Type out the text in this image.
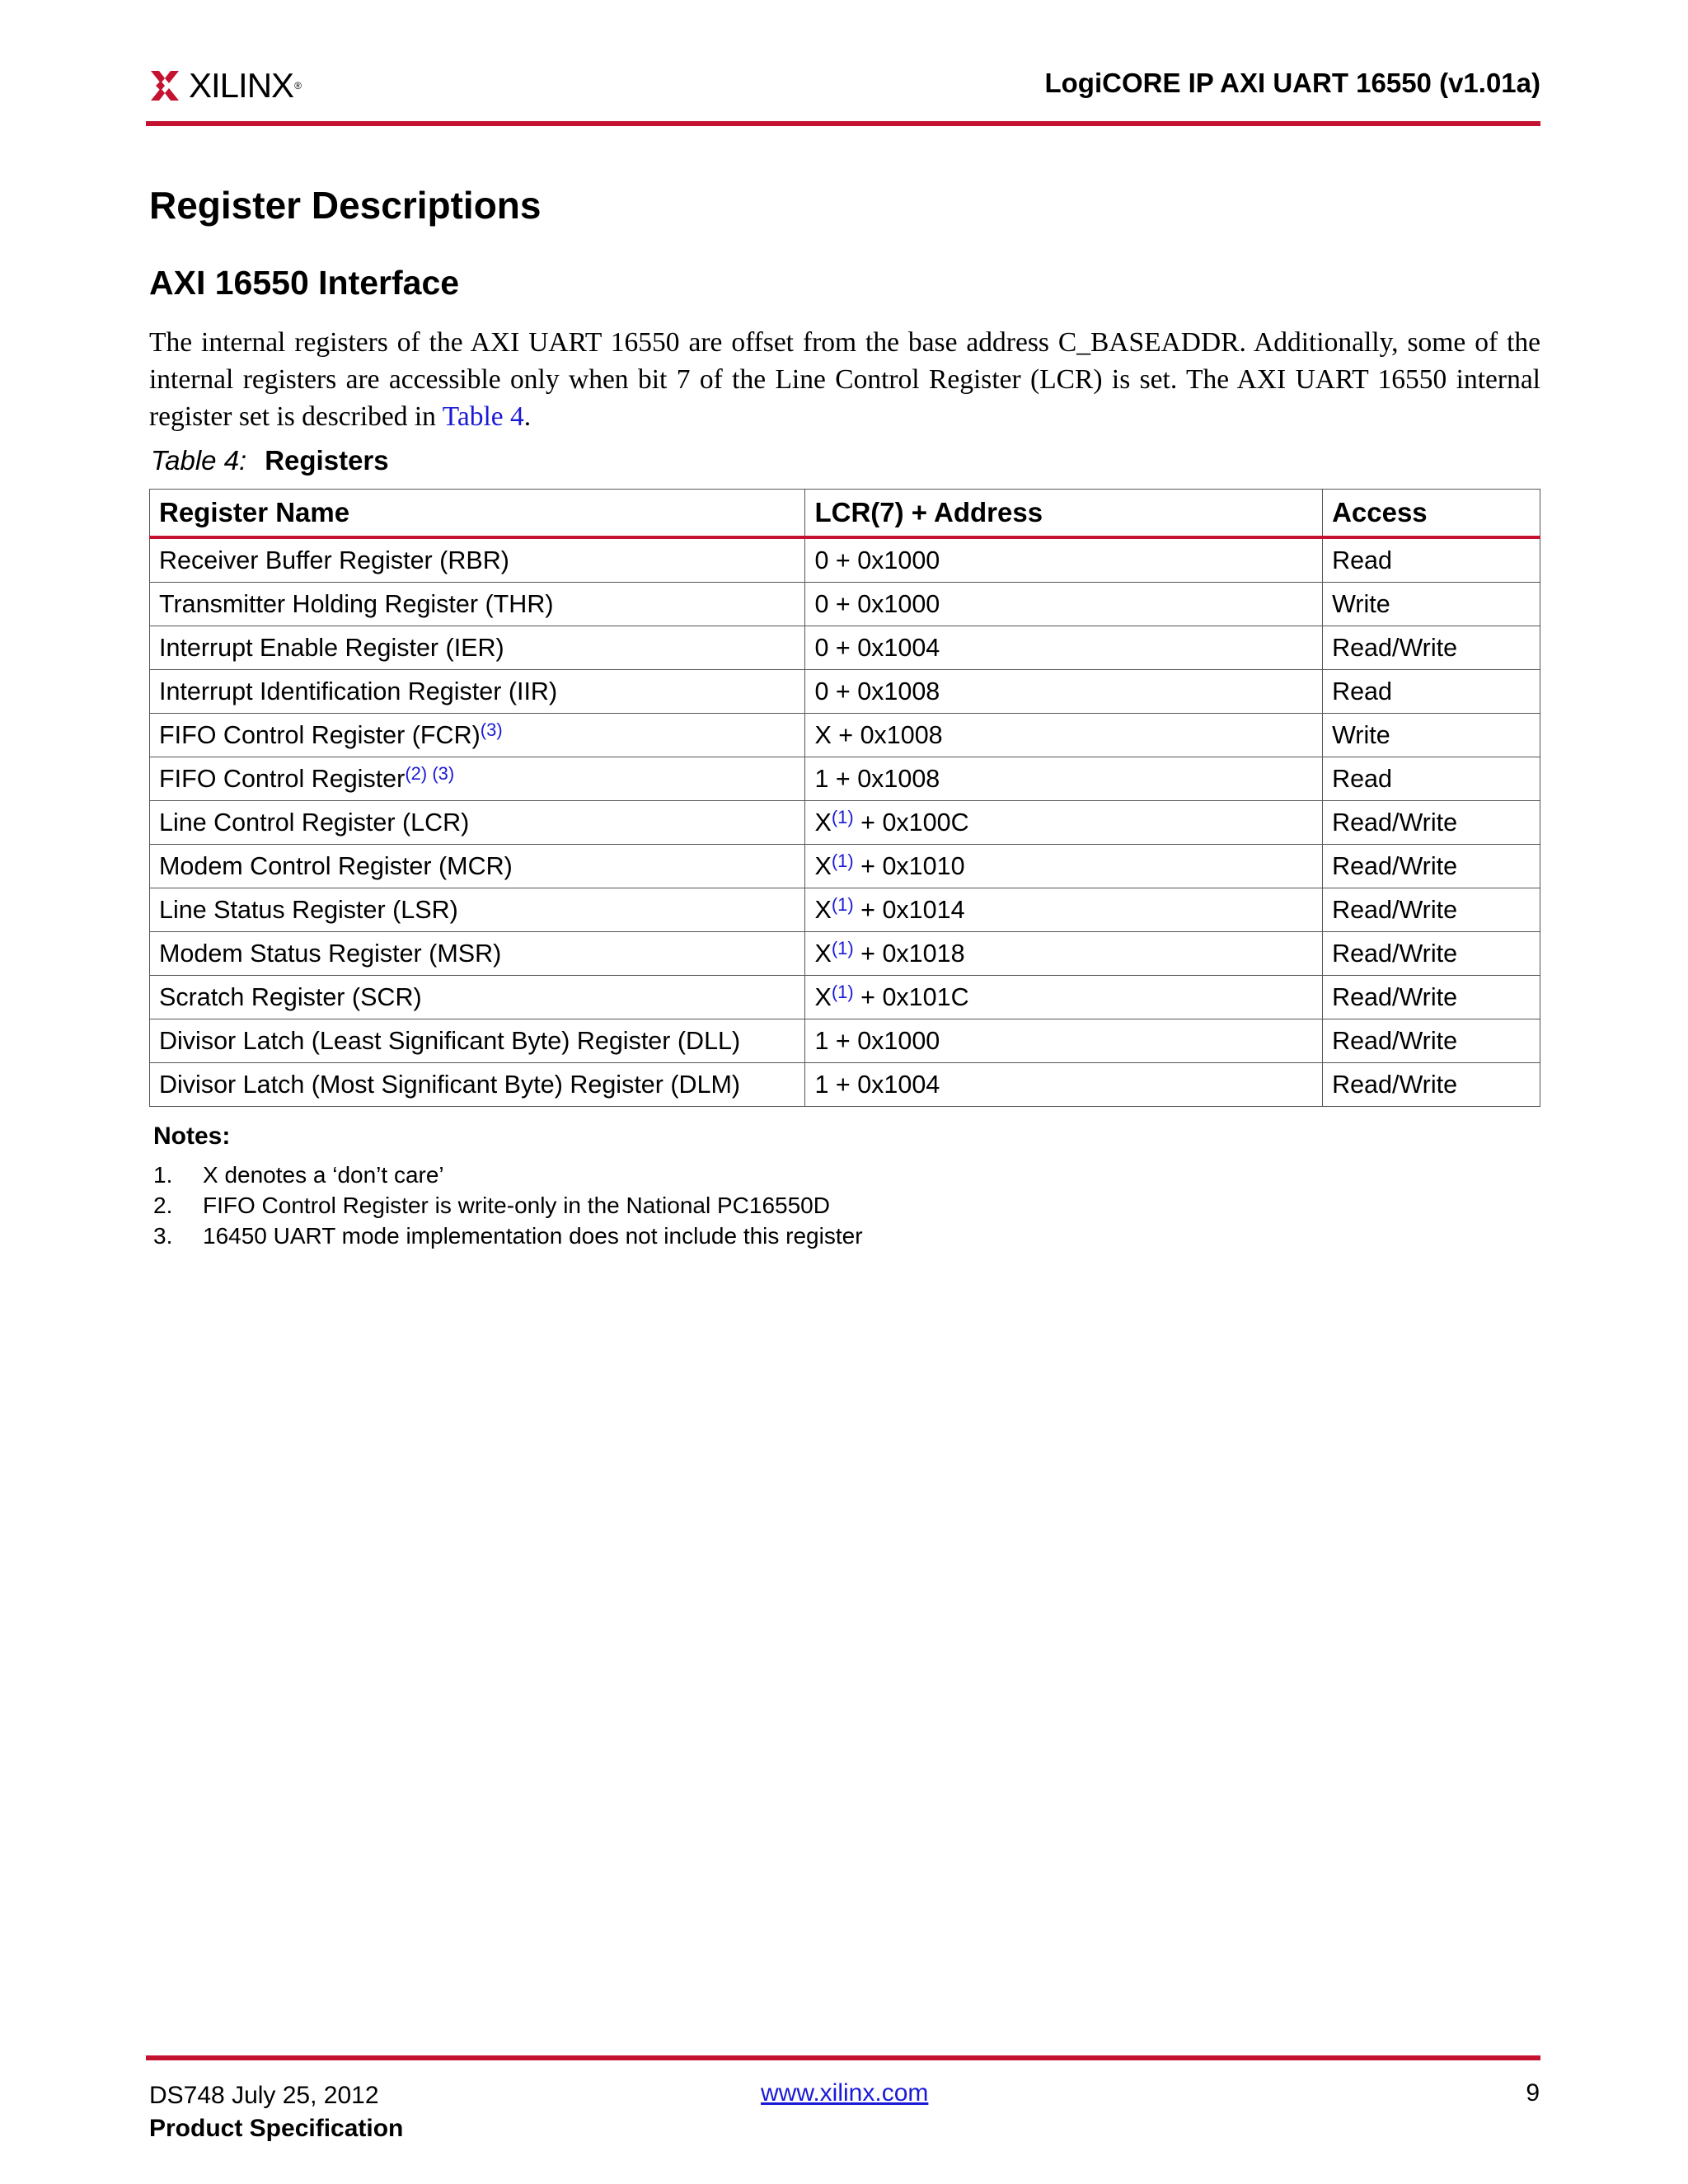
XILINX ®	LogiCORE IP AXI UART 16550 (v1.01a)
Register Descriptions
AXI 16550 Interface

The internal registers of the AXI UART 16550 are offset from the base address C_BASEADDR. Additionally, some of the internal registers are accessible only when bit 7 of the Line Control Register (LCR) is set. The AXI UART 16550 internal register set is described in Table 4.

Table 4: Registers
Register Name	LCR(7) + Address	Access
Receiver Buffer Register (RBR)	0 + 0x1000	Read
Transmitter Holding Register (THR)	0 + 0x1000	Write
Interrupt Enable Register (IER)	0 + 0x1004	Read/Write
Interrupt Identification Register (IIR)	0 + 0x1008	Read
FIFO Control Register (FCR)$^{(3)}$	X + 0x1008	Write
FIFO Control Register$^{(2) (3)}$	1 + 0x1008	Read
Line Control Register (LCR)	X$^{(1)}$ + 0x100C	Read/Write
Modem Control Register (MCR)	X$^{(1)}$ + 0x1010	Read/Write
Line Status Register (LSR)	X$^{(1)}$ + 0x1014	Read/Write
Modem Status Register (MSR)	X$^{(1)}$ + 0x1018	Read/Write
Scratch Register (SCR)	X$^{(1)}$ + 0x101C	Read/Write
Divisor Latch (Least Significant Byte) Register (DLL)	1 + 0x1000	Read/Write
Divisor Latch (Most Significant Byte) Register (DLM)	1 + 0x1004	Read/Write
Notes:
1.	X denotes a ‘don’t care’
2.	FIFO Control Register is write-only in the National PC16550D
3.	16450 UART mode implementation does not include this register
DS748 July 25, 2012
Product Specification
www.xilinx.com	9
